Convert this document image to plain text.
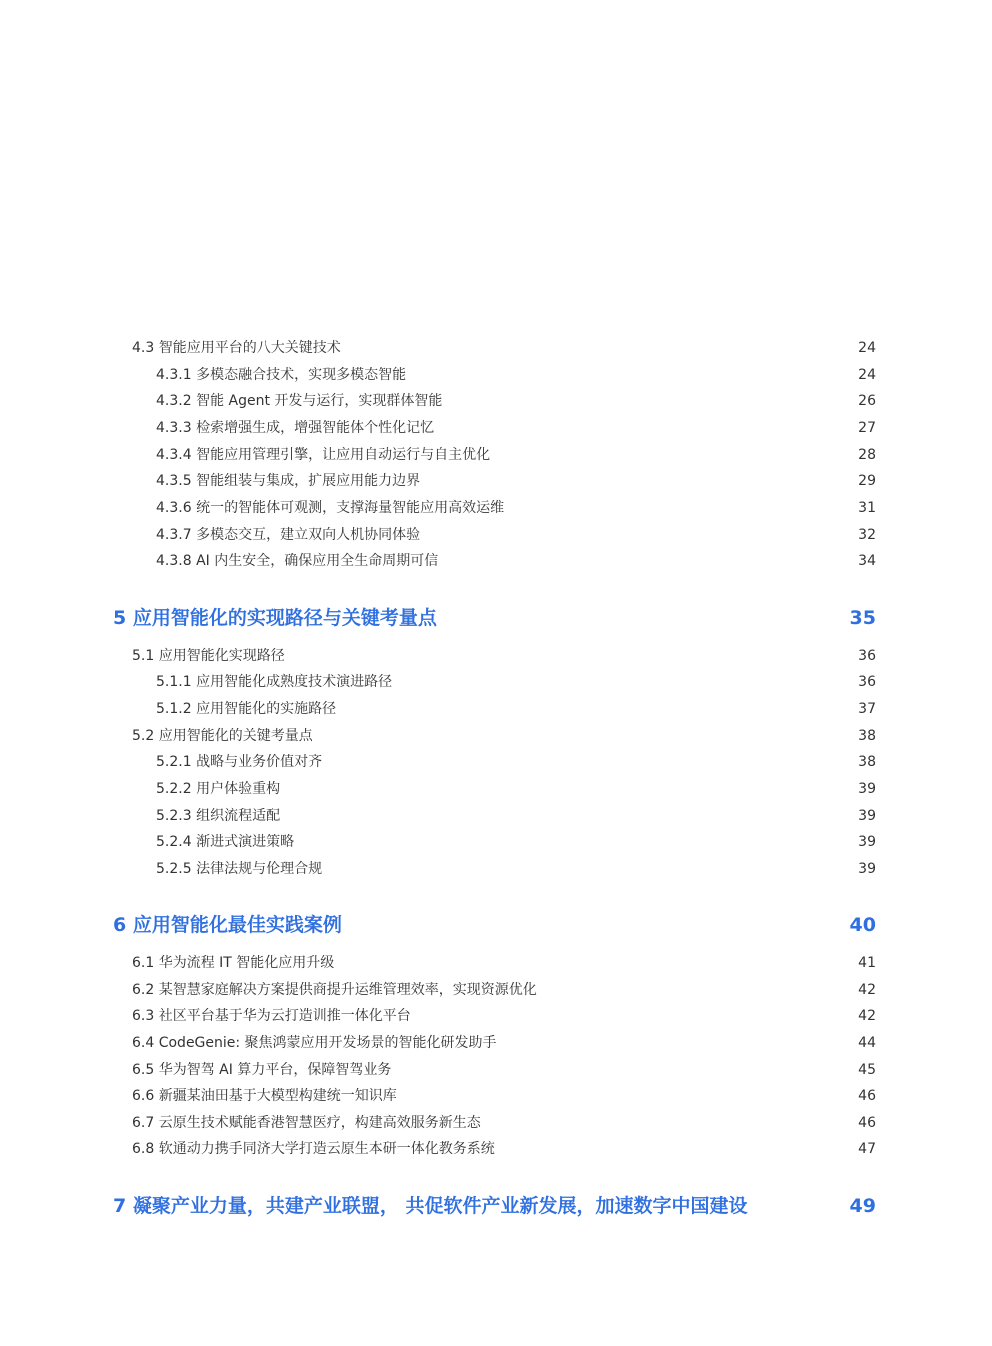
4.3 智能应用平台的八大关键技术	24
4.3.1 多模态融合技术，实现多模态智能	24
4.3.2 智能 Agent 开发与运行，实现群体智能	26
4.3.3 检索增强生成，增强智能体个性化记忆	27
4.3.4 智能应用管理引擎，让应用自动运行与自主优化	28
4.3.5 智能组装与集成，扩展应用能力边界	29
4.3.6 统一的智能体可观测，支撑海量智能应用高效运维	31
4.3.7 多模态交互，建立双向人机协同体验	32
4.3.8 AI 内生安全，确保应用全生命周期可信	34
5 应用智能化的实现路径与关键考量点	35
5.1 应用智能化实现路径	36
5.1.1 应用智能化成熟度技术演进路径	36
5.1.2 应用智能化的实施路径	37
5.2 应用智能化的关键考量点	38
5.2.1 战略与业务价值对齐	38
5.2.2 用户体验重构	39
5.2.3 组织流程适配	39
5.2.4 渐进式演进策略	39
5.2.5 法律法规与伦理合规	39
6 应用智能化最佳实践案例	40
6.1 华为流程 IT 智能化应用升级	41
6.2 某智慧家庭解决方案提供商提升运维管理效率，实现资源优化	42
6.3 社区平台基于华为云打造训推一体化平台	42
6.4 CodeGenie: 聚焦鸿蒙应用开发场景的智能化研发助手	44
6.5 华为智驾 AI 算力平台，保障智驾业务	45
6.6 新疆某油田基于大模型构建统一知识库	46
6.7 云原生技术赋能香港智慧医疗，构建高效服务新生态	46
6.8 软通动力携手同济大学打造云原生本研一体化教务系统	47
7 凝聚产业力量，共建产业联盟， 共促软件产业新发展，加速数字中国建设	49
